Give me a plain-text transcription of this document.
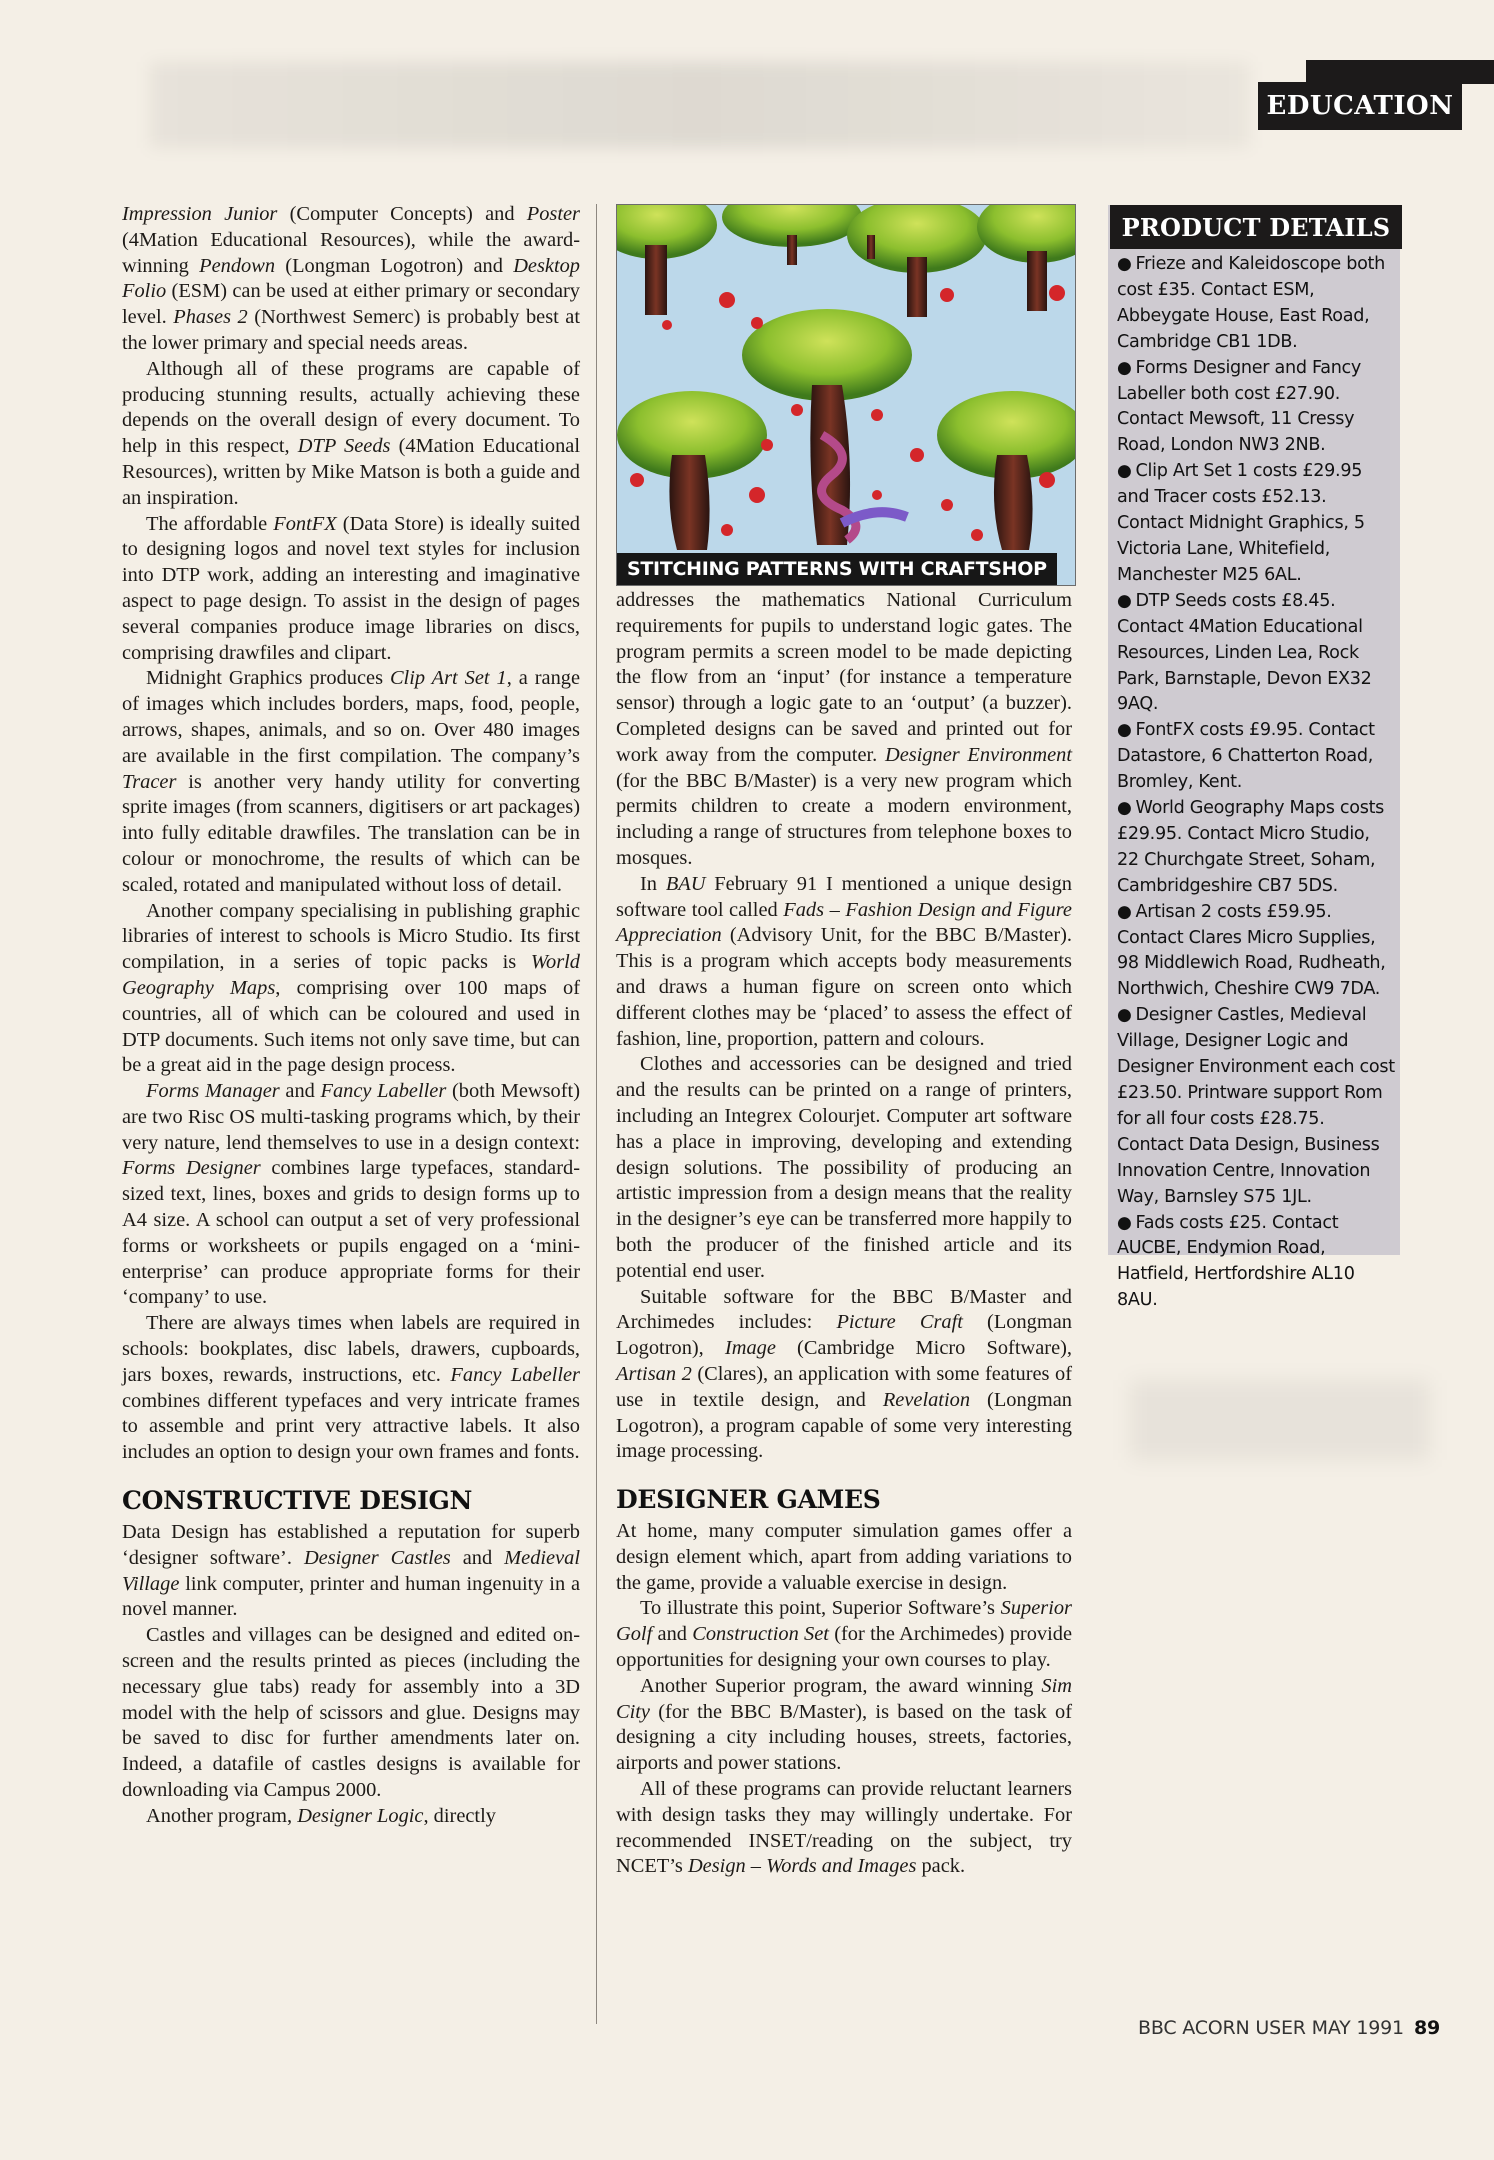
EDUCATION

Impression Junior (Computer Concepts) and Poster (4Mation Educational Resources), while the award-winning Pendown (Longman Logotron) and Desktop Folio (ESM) can be used at either primary or secondary level. Phases 2 (Northwest Semerc) is probably best at the lower primary and special needs areas.

Although all of these programs are capable of producing stunning results, actually achieving these depends on the overall design of every document. To help in this respect, DTP Seeds (4Mation Educational Resources), written by Mike Matson is both a guide and an inspiration.

The affordable FontFX (Data Store) is ideally suited to designing logos and novel text styles for inclusion into DTP work, adding an interesting and imaginative aspect to page design. To assist in the design of pages several companies produce image libraries on discs, comprising drawfiles and clipart.

Midnight Graphics produces Clip Art Set 1, a range of images which includes borders, maps, food, people, arrows, shapes, animals, and so on. Over 480 images are available in the first compilation. The company’s Tracer is another very handy utility for converting sprite images (from scanners, digitisers or art packages) into fully editable drawfiles. The translation can be in colour or monochrome, the results of which can be scaled, rotated and manipulated without loss of detail.

Another company specialising in publishing graphic libraries of interest to schools is Micro Studio. Its first compilation, in a series of topic packs is World Geography Maps, comprising over 100 maps of countries, all of which can be coloured and used in DTP documents. Such items not only save time, but can be a great aid in the page design process.

Forms Manager and Fancy Labeller (both Mewsoft) are two Risc OS multi-tasking programs which, by their very nature, lend themselves to use in a design context: Forms Designer combines large typefaces, standard-sized text, lines, boxes and grids to design forms up to A4 size. A school can output a set of very professional forms or worksheets or pupils engaged on a ‘mini-enterprise’ can produce appropriate forms for their ‘company’ to use.

There are always times when labels are required in schools: bookplates, disc labels, drawers, cupboards, jars boxes, rewards, instructions, etc. Fancy Labeller combines different typefaces and very intricate frames to assemble and print very attractive labels. It also includes an option to design your own frames and fonts.

CONSTRUCTIVE DESIGN

Data Design has established a reputation for superb ‘designer software’. Designer Castles and Medieval Village link computer, printer and human ingenuity in a novel manner.

Castles and villages can be designed and edited on-screen and the results printed as pieces (including the necessary glue tabs) ready for assembly into a 3D model with the help of scissors and glue. Designs may be saved to disc for further amendments later on. Indeed, a datafile of castles designs is available for downloading via Campus 2000.

Another program, Designer Logic, directly

STITCHING PATTERNS WITH CRAFTSHOP

addresses the mathematics National Curriculum requirements for pupils to understand logic gates. The program permits a screen model to be made depicting the flow from an ‘input’ (for instance a temperature sensor) through a logic gate to an ‘output’ (a buzzer). Completed designs can be saved and printed out for work away from the computer. Designer Environment (for the BBC B/Master) is a very new program which permits children to create a modern environment, including a range of structures from telephone boxes to mosques.

In BAU February 91 I mentioned a unique design software tool called Fads – Fashion Design and Figure Appreciation (Advisory Unit, for the BBC B/Master). This is a program which accepts body measurements and draws a human figure on screen onto which different clothes may be ‘placed’ to assess the effect of fashion, line, proportion, pattern and colours.

Clothes and accessories can be designed and tried and the results can be printed on a range of printers, including an Integrex Colourjet. Computer art software has a place in improving, developing and extending design solutions. The possibility of producing an artistic impression from a design means that the reality in the designer’s eye can be transferred more happily to both the producer of the finished article and its potential end user.

Suitable software for the BBC B/Master and Archimedes includes: Picture Craft (Longman Logotron), Image (Cambridge Micro Software), Artisan 2 (Clares), an application with some features of use in textile design, and Revelation (Longman Logotron), a program capable of some very interesting image processing.

DESIGNER GAMES

At home, many computer simulation games offer a design element which, apart from adding variations to the game, provide a valuable exercise in design.

To illustrate this point, Superior Software’s Superior Golf and Construction Set (for the Archimedes) provide opportunities for designing your own courses to play.

Another Superior program, the award winning Sim City (for the BBC B/Master), is based on the task of designing a city including houses, streets, factories, airports and power stations.

All of these programs can provide reluctant learners with design tasks they may willingly undertake. For recommended INSET/reading on the subject, try NCET’s Design – Words and Images pack.

PRODUCT DETAILS

● Frieze and Kaleidoscope both cost £35. Contact ESM, Abbeygate House, East Road, Cambridge CB1 1DB.

● Forms Designer and Fancy Labeller both cost £27.90. Contact Mewsoft, 11 Cressy Road, London NW3 2NB.

● Clip Art Set 1 costs £29.95 and Tracer costs £52.13. Contact Midnight Graphics, 5 Victoria Lane, Whitefield, Manchester M25 6AL.

● DTP Seeds costs £8.45. Contact 4Mation Educational Resources, Linden Lea, Rock Park, Barnstaple, Devon EX32 9AQ.

● FontFX costs £9.95. Contact Datastore, 6 Chatterton Road, Bromley, Kent.

● World Geography Maps costs £29.95. Contact Micro Studio, 22 Churchgate Street, Soham, Cambridgeshire CB7 5DS.

● Artisan 2 costs £59.95. Contact Clares Micro Supplies, 98 Middlewich Road, Rudheath, Northwich, Cheshire CW9 7DA.

● Designer Castles, Medieval Village, Designer Logic and Designer Environment each cost £23.50. Printware support Rom for all four costs £28.75. Contact Data Design, Business Innovation Centre, Innovation Way, Barnsley S75 1JL.

● Fads costs £25. Contact AUCBE, Endymion Road, Hatfield, Hertfordshire AL10 8AU.

BBC ACORN USER MAY 1991 89
